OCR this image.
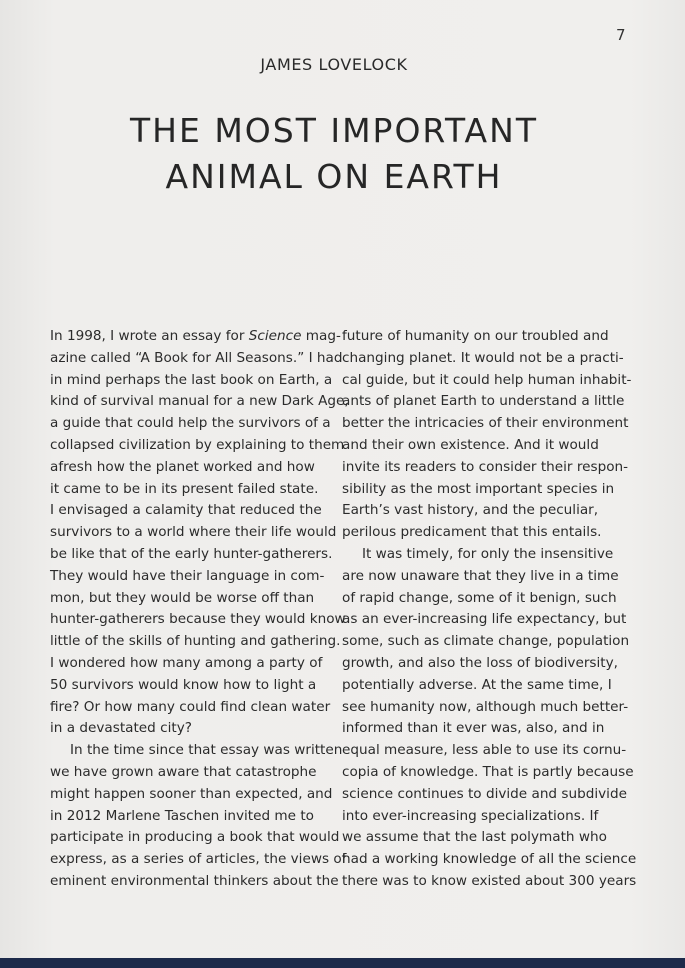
7
JAMES LOVELOCK
THE MOST IMPORTANT
ANIMAL ON EARTH
In 1998, I wrote an essay for Science mag-
azine called “A Book for All Seasons.” I had
in mind perhaps the last book on Earth, a
kind of survival manual for a new Dark Age,
a guide that could help the survivors of a
collapsed civilization by explaining to them
afresh how the planet worked and how
it came to be in its present failed state.
I envisaged a calamity that reduced the
survivors to a world where their life would
be like that of the early hunter-gatherers.
They would have their language in com-
mon, but they would be worse off than
hunter-gatherers because they would know
little of the skills of hunting and gathering.
I wondered how many among a party of
50 survivors would know how to light a
fire? Or how many could find clean water
in a devastated city?
In the time since that essay was written
we have grown aware that catastrophe
might happen sooner than expected, and
in 2012 Marlene Taschen invited me to
participate in producing a book that would
express, as a series of articles, the views of
eminent environmental thinkers about the
future of humanity on our troubled and
changing planet. It would not be a practi-
cal guide, but it could help human inhabit-
ants of planet Earth to understand a little
better the intricacies of their environment
and their own existence. And it would
invite its readers to consider their respon-
sibility as the most important species in
Earth’s vast history, and the peculiar,
perilous predicament that this entails.
It was timely, for only the insensitive
are now unaware that they live in a time
of rapid change, some of it benign, such
as an ever-increasing life expectancy, but
some, such as climate change, population
growth, and also the loss of biodiversity,
potentially adverse. At the same time, I
see humanity now, although much better-
informed than it ever was, also, and in
equal measure, less able to use its cornu-
copia of knowledge. That is partly because
science continues to divide and subdivide
into ever-increasing specializations. If
we assume that the last polymath who
had a working knowledge of all the science
there was to know existed about 300 years
